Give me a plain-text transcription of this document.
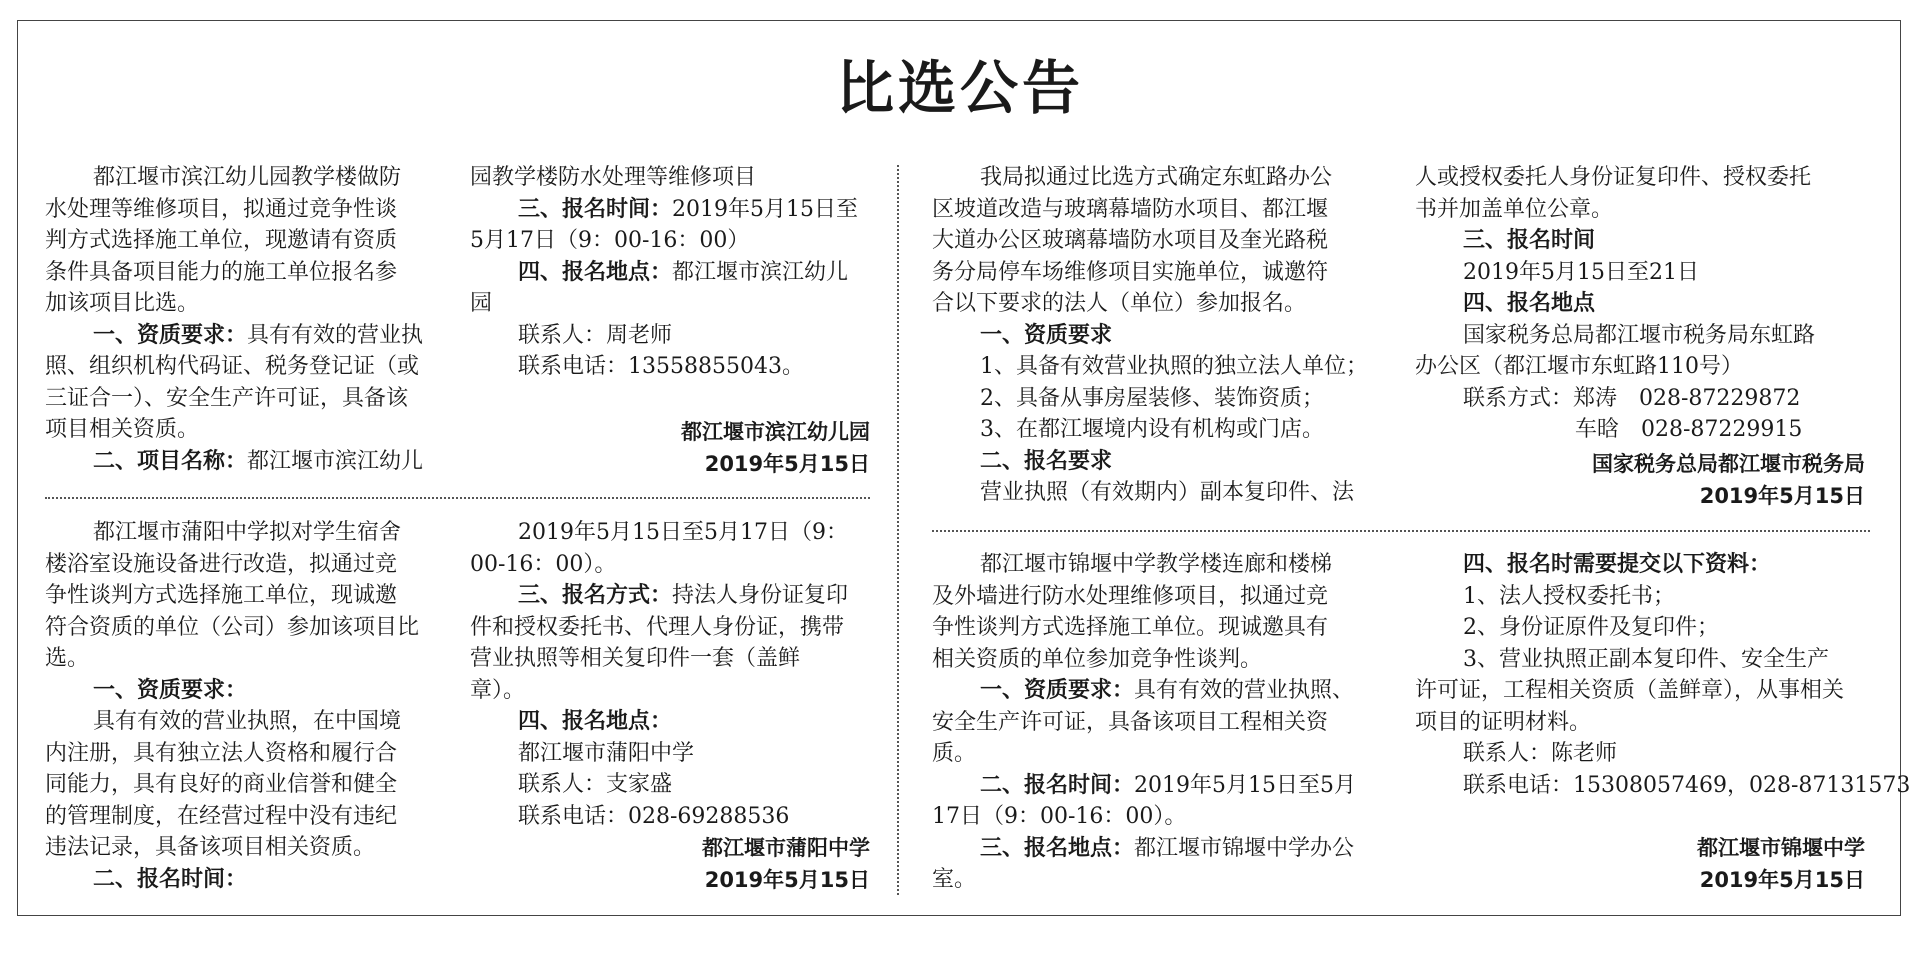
比选公告

都江堰市滨江幼儿园教学楼做防

水处理等维修项目，拟通过竞争性谈

判方式选择施工单位，现邀请有资质

条件具备项目能力的施工单位报名参

加该项目比选。

一、资质要求：具有有效的营业执

照、组织机构代码证、税务登记证（或

三证合一）、安全生产许可证，具备该

项目相关资质。

二、项目名称：都江堰市滨江幼儿

园教学楼防水处理等维修项目

三、报名时间：2019年5月15日至

5月17日（9：00-16：00）

四、报名地点：都江堰市滨江幼儿

园

联系人：周老师

联系电话：13558855043。

都江堰市滨江幼儿园

2019年5月15日

都江堰市蒲阳中学拟对学生宿舍

楼浴室设施设备进行改造，拟通过竞

争性谈判方式选择施工单位，现诚邀

符合资质的单位（公司）参加该项目比

选。

一、资质要求：

具有有效的营业执照，在中国境

内注册，具有独立法人资格和履行合

同能力，具有良好的商业信誉和健全

的管理制度，在经营过程中没有违纪

违法记录，具备该项目相关资质。

二、报名时间：

2019年5月15日至5月17日（9：

00-16：00）。

三、报名方式：持法人身份证复印

件和授权委托书、代理人身份证，携带

营业执照等相关复印件一套（盖鲜

章）。

四、报名地点：

都江堰市蒲阳中学

联系人：支家盛

联系电话：028-69288536

都江堰市蒲阳中学

2019年5月15日

我局拟通过比选方式确定东虹路办公

区坡道改造与玻璃幕墙防水项目、都江堰

大道办公区玻璃幕墙防水项目及奎光路税

务分局停车场维修项目实施单位，诚邀符

合以下要求的法人（单位）参加报名。

一、资质要求

1、具备有效营业执照的独立法人单位；

2、具备从事房屋装修、装饰资质；

3、在都江堰境内设有机构或门店。

二、报名要求

营业执照（有效期内）副本复印件、法

人或授权委托人身份证复印件、授权委托

书并加盖单位公章。

三、报名时间

2019年5月15日至21日

四、报名地点

国家税务总局都江堰市税务局东虹路

办公区（都江堰市东虹路110号）

联系方式：郑涛　028-87229872

车晗　028-87229915

国家税务总局都江堰市税务局

2019年5月15日

都江堰市锦堰中学教学楼连廊和楼梯

及外墙进行防水处理维修项目，拟通过竞

争性谈判方式选择施工单位。现诚邀具有

相关资质的单位参加竞争性谈判。

一、资质要求：具有有效的营业执照、

安全生产许可证，具备该项目工程相关资

质。

二、报名时间：2019年5月15日至5月

17日（9：00-16：00）。

三、报名地点：都江堰市锦堰中学办公

室。

四、报名时需要提交以下资料：

1、法人授权委托书；

2、身份证原件及复印件；

3、营业执照正副本复印件、安全生产

许可证，工程相关资质（盖鲜章），从事相关

项目的证明材料。

联系人：陈老师

联系电话：15308057469，028-87131573

都江堰市锦堰中学

2019年5月15日
